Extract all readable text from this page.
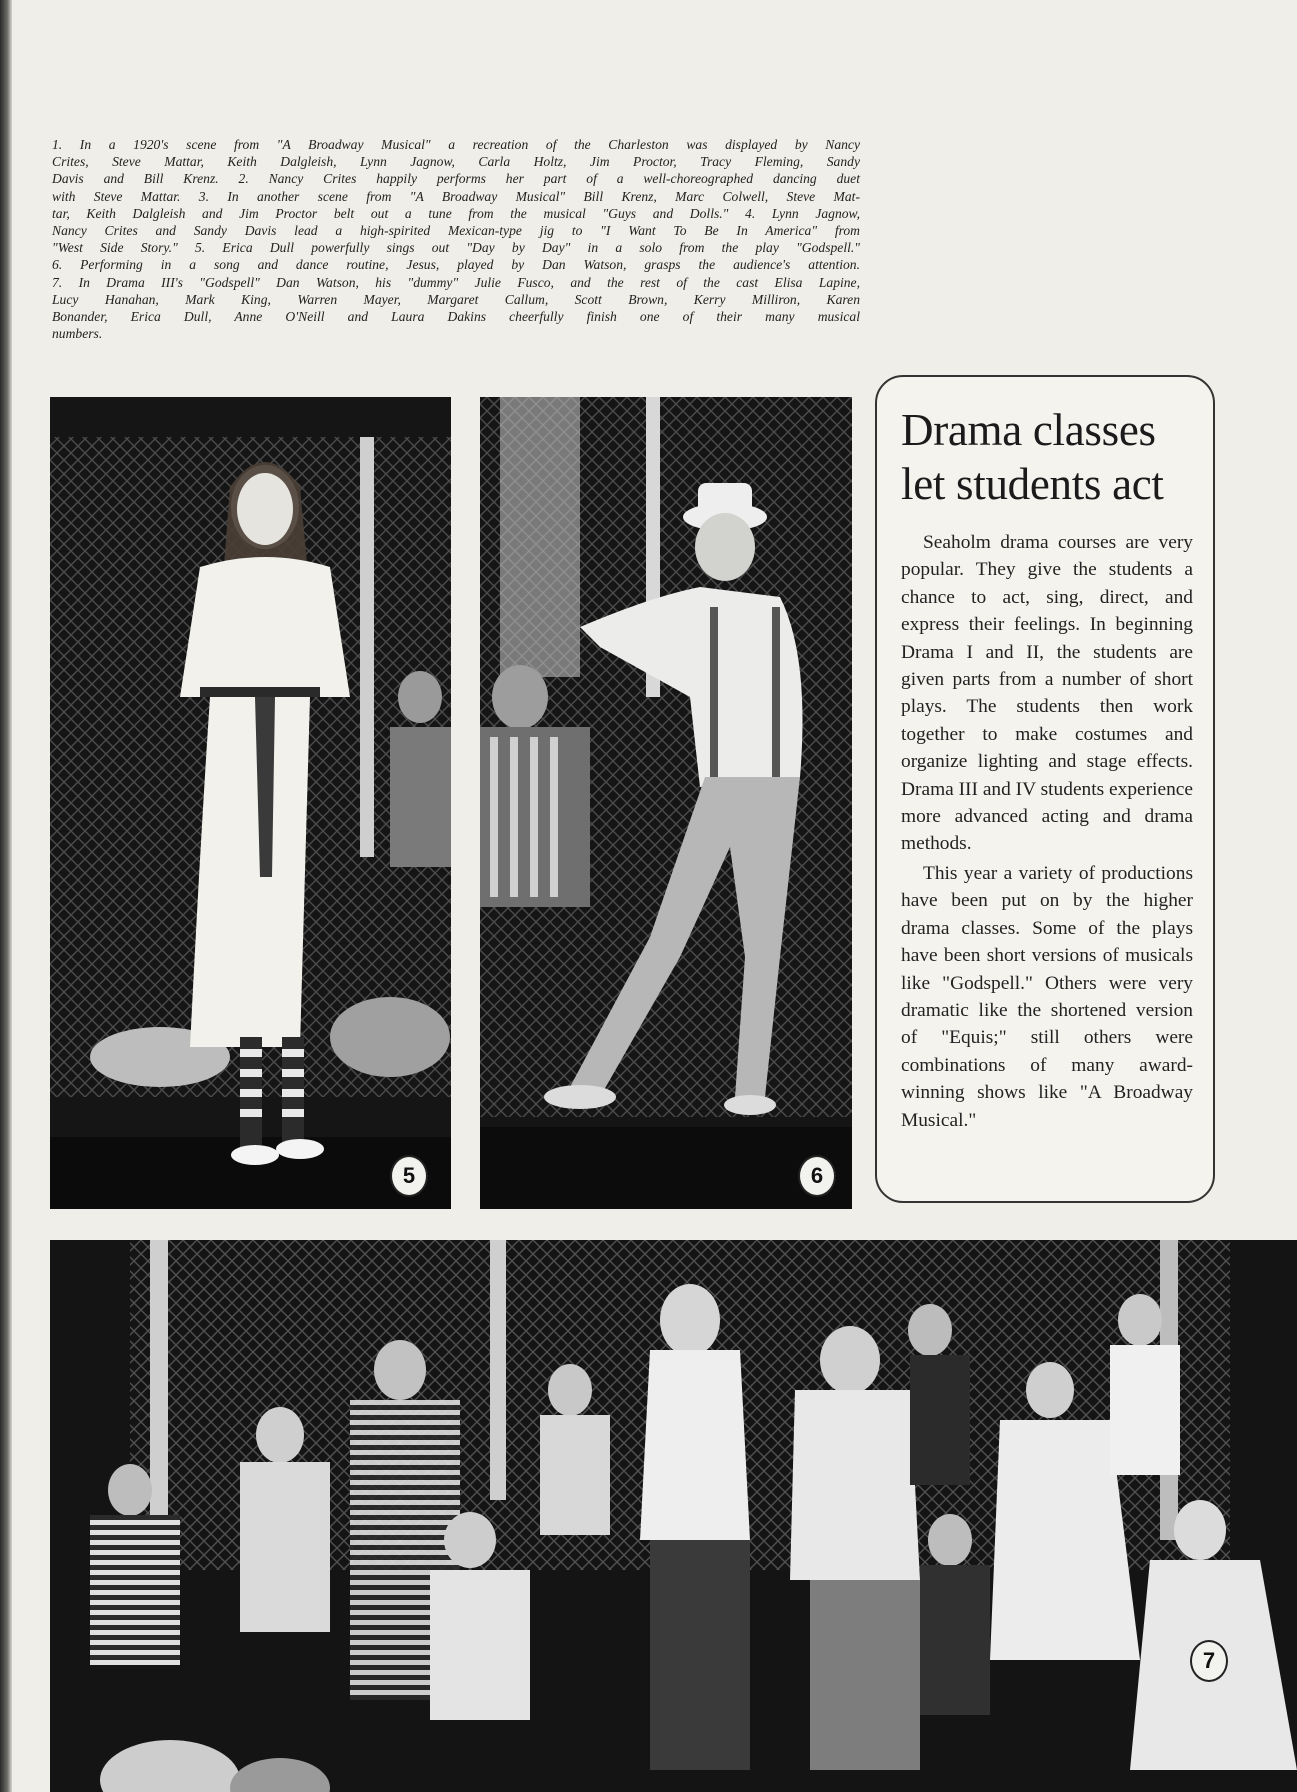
1. In a 1920's scene from "A Broadway Musical" a recreation of the Charleston was displayed by Nancy
Crites, Steve Mattar, Keith Dalgleish, Lynn Jagnow, Carla Holtz, Jim Proctor, Tracy Fleming, Sandy
Davis and Bill Krenz. 2. Nancy Crites happily performs her part of a well-choreographed dancing duet
with Steve Mattar. 3. In another scene from "A Broadway Musical" Bill Krenz, Marc Colwell, Steve Mat-
tar, Keith Dalgleish and Jim Proctor belt out a tune from the musical "Guys and Dolls." 4. Lynn Jagnow,
Nancy Crites and Sandy Davis lead a high-spirited Mexican-type jig to "I Want To Be In America" from
"West Side Story." 5. Erica Dull powerfully sings out "Day by Day" in a solo from the play "Godspell."
6. Performing in a song and dance routine, Jesus, played by Dan Watson, grasps the audience's attention.
7. In Drama III's "Godspell" Dan Watson, his "dummy" Julie Fusco, and the rest of the cast Elisa Lapine,
Lucy Hanahan, Mark King, Warren Mayer, Margaret Callum, Scott Brown, Kerry Milliron, Karen
Bonander, Erica Dull, Anne O'Neill and Laura Dakins cheerfully finish one of their many musical
numbers.
5	6
Drama classes
let students act

Seaholm drama courses are very popular. They give the students a chance to act, sing, direct, and express their feelings. In beginning Drama I and II, the students are given parts from a number of short plays. The students then work together to make costumes and organize lighting and stage effects. Drama III and IV students experience more advanced acting and drama methods.

This year a variety of productions have been put on by the higher drama classes. Some of the plays have been short versions of musicals like "Godspell." Others were very dramatic like the shortened version of "Equis;" still others were combinations of many award-winning shows like "A Broadway Musical."

7
